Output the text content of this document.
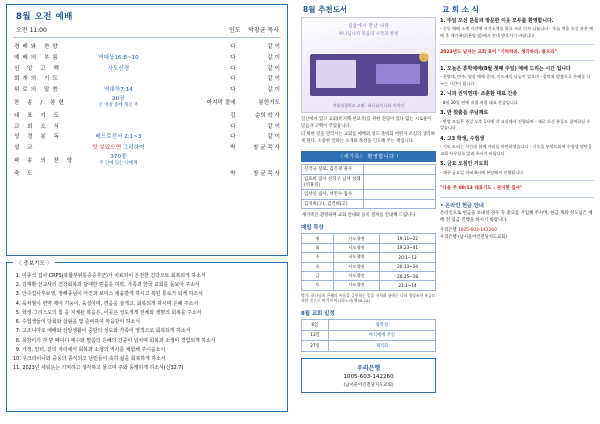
8월 오전 예배
오전 11:00	인도 박창균 목사
경배와 찬양		다	같 이
예배의 부름	역대상16:8~10	다	같 이
신 앙 고 백	사도신경	다	같 이
회개의 기도		다	같 이
위로의 말씀	역대하7:14	다	같 이
찬 송 / 봉헌	20장
온 영창 중에 계신 주	마지막 절에	봉헌기도
대 표 기 도		김	순희 학 사
교 회 소 식		다	같 이
성 경 봉 독	베드로전서 2:1~3	다	같 이
설 교	맛 보았으면 그리하여	박	창 균 목 사
파 송 의 찬 양	370장
주 안에 있는 나에게		

축 도		박	창 균 목 사
〈 중보기도 〉
1. 이종석 집사 CRPS(복합부위통증증후군)가 치료되어 온전한 건강으로 회복되게 하소서
2. 김계환 선교사의 건강회복과 담대한 믿음을 허락, 가족과 한국 교회를 돌보아 주소서
3. 안수집사후보생, 정해종님이 아진과 보이스 세움받게 하시고 복된 통로가 되게 하소서
4. 육차월이 면역 제어 기능이, 육성아며, 면음을 삼게고, 회복되게 하시며 은혜 주소서
5. 학생·그리스도의 힘 을 지체된 복음은, 이곳은 성도게게 전체와 생명의 회복을 주소서
6. 수험생들이 당회와 살핌을 및 준비하여 마음같이 하소서
7. 고조니아로 예배와 신앙생활이 중단의 성도와 가족이 영적으로 회복되게 하소서
8. 목장이의 각 믿 페이디 예수와 말씀의 은혜의 간중이 넘치며 회복과 소생이 경험되게 하소서
9. 가정, 일터, 같의 자리에서 회복과 소생의 역사를 체험해 주시옵소서
10. 우크라이나와 중동의 종식되고 난민들이 속히 삶을 회복하게 하소서
11. 2023년 세워둔는 기억하고 생각하고 물으며 주와 동행하게 하소서(신32:7)
8월 추천도서
십삼에서 만난 나라
하나님나라 복음의 시작과 완성
여름성경학교 교재 · 하나님의 나라 이야기

일산에서 있고 교회(비지백·선교사)를 위한 전형이 있다 않는 시로운이 믿음과 고백이 주었습니다.

더 위한 것을 멀리서는 교회를 예배와 성도 준비되 어떤지 조심의 생각하게 된다. 소중한 일하는 소개와 묵상을 인도해 주는 책입니다.

〈새가족〉 환영합니다 !
신국규 장로, 김은경 권사	
김효희 집사 신덕구 님사 성례(비휴의)	
임서인 집사, 서민수 집사	
김지희(고), 김건희(고)	
새가족은 환영하며 교회 안내와 등록 절차를 안내해 드립니다
매일 묵상
월	사도행전	19:11~22
화	사도행전	19:23~41
수	사도행전	20:1~12
목	사도행전	20:13~24
금	사도행전	20:25~38
토	사도행전	21:1~14
암기: 하나님의 은혜의 복음을 증언하는 일을 마치려 함에는 나의 생명조차 조금도 귀한 것으로 여기지 아니하노라(행20:24)
8월 교회 일정
6일	광복절
13일	야식예배 주일
27일	제직회
우리은행
1005-603-142260
(남서울어린전당지도교회)
교 회 소 식

1. 주일 오신 분들과 방문한 이웃 모두를 환영합니다.
- 중등 예배 소개 시간에 자기소개를 하고 서로 인사 나눕니다 - 오늘 처음 오신 분은 예배 후 새가족실(본당 옆)에서 안내 받으시기 바랍니다

2023년도 남자는 교회 표어 "기억하라, 생각하라, 물으라"

1. 오늘은 휴학예배(8월 첫째 주일) 예배 드리는 시간 입니다
- 찬양대, 반주, 영상 예배 준비, 기도제목 나눔이 있으며 - 음악과 말씀으로 은혜를 나누는 시간이 됩니다

2. 니과 권익연대· 조훈환 대표 간증
- 8월 20일 연예 직접 직접 대표 간증입니다

3. 반 맞춤음 주님께로
- 반별 모임은 주일 오후 1시에 각 교실에서 진행되며 - 새로 오신 분들도 참여하실 수 있습니다

4. 고3 학생, 수험생
- 기도 드리는 시간과 함께 자리를 마련하였습니다 - 기도를 부탁드리며 수험생 명단을 교회 사무실로 알려 주시기 바랍니다

5. 금요 오침인 기도회
- 매주 금요일 저녁 8시에 본당에서 진행됩니다

"다음 주 08/13 대표기도 : 권지현 집사"

• 온라인 헌금 안내
온라인으로 헌금을 보내실 경우 꼭 중요를 기입해 주시며, 헌금 계좌 성도님은 예배 전 입금 진행을 하시기 바랍니다.
우리은행 1005-603-142260
우리은행 (남서울어린전당지도교회)
